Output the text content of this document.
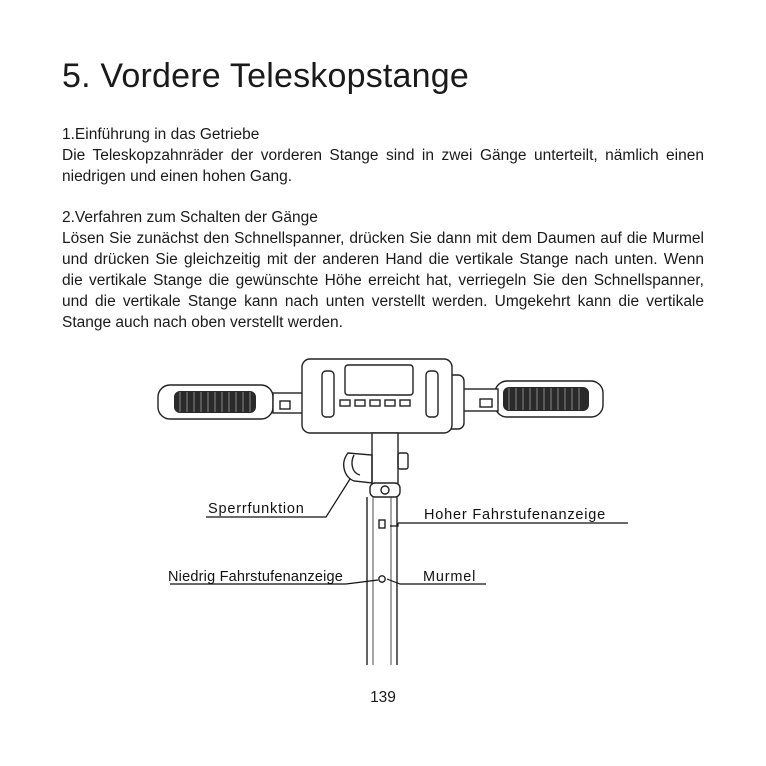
5. Vordere Teleskopstange
1.Einführung in das Getriebe

Die Teleskopzahnräder der vorderen Stange sind in zwei Gänge unterteilt, nämlich einen niedrigen und einen hohen Gang.

2.Verfahren zum Schalten der Gänge

Lösen Sie zunächst den Schnellspanner, drücken Sie dann mit dem Daumen auf die Murmel und drücken Sie gleichzeitig mit der anderen Hand die vertikale Stange nach unten. Wenn die vertikale Stange die gewünschte Höhe erreicht hat, verriegeln Sie den Schnellspanner, und die vertikale Stange kann nach unten verstellt werden. Umgekehrt kann die vertikale Stange auch nach oben verstellt werden.

Sperrfunktion	Hoher Fahrstufenanzeige
Niedrig Fahrstufenanzeige	Murmel
139
